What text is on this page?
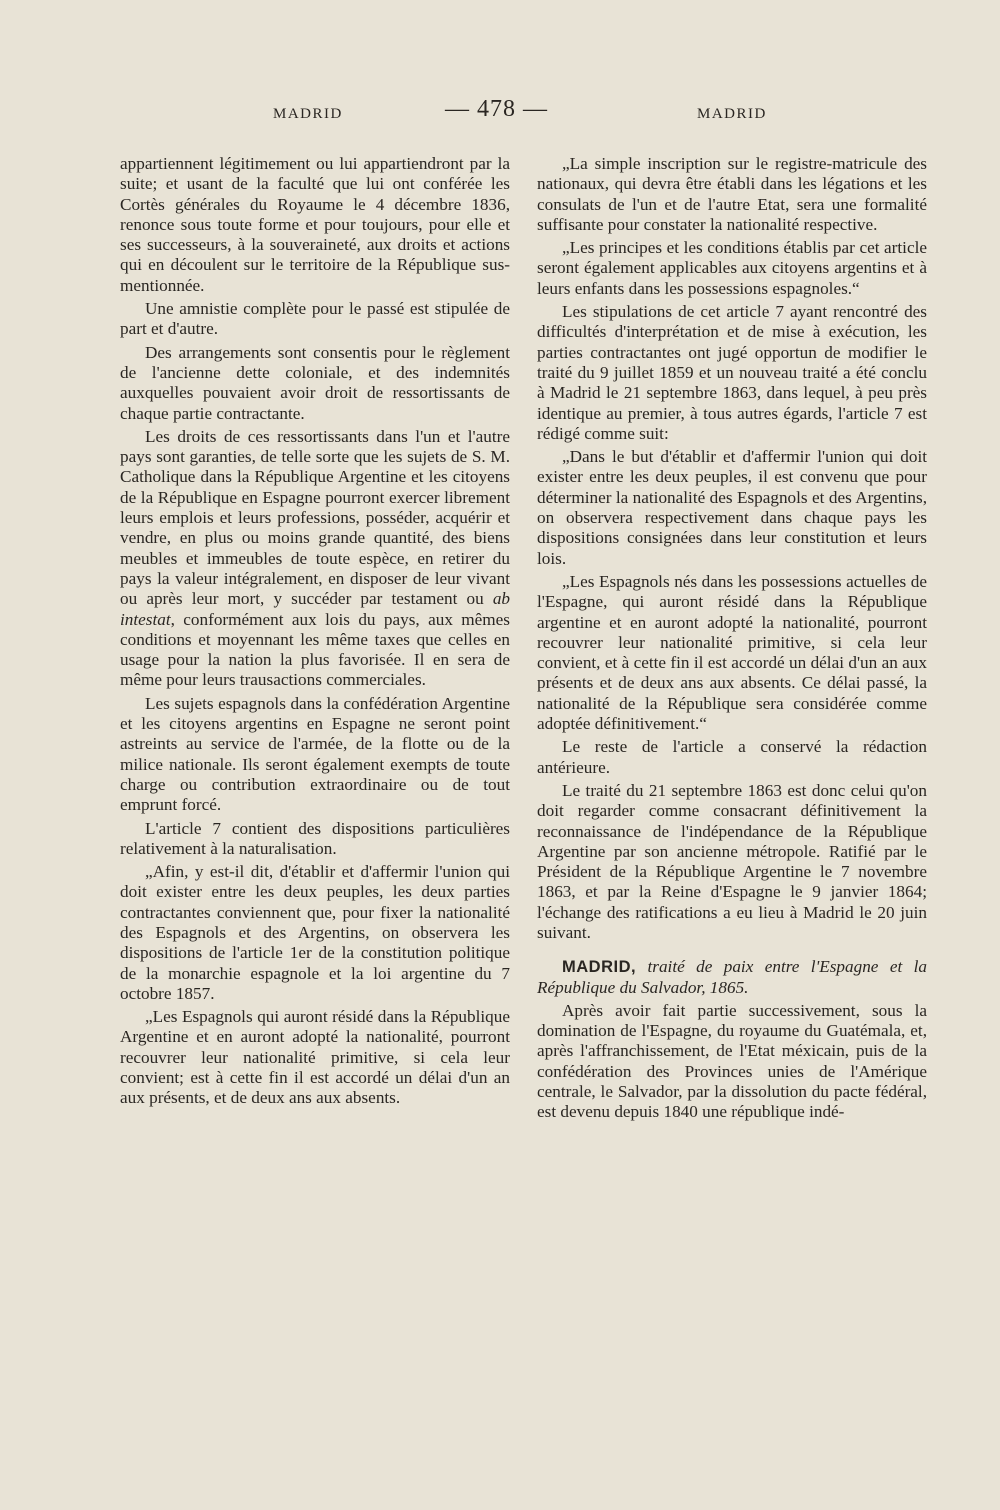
MADRID	— 478 —	MADRID

appartiennent légitimement ou lui appartiendront par la suite; et usant de la faculté que lui ont conférée les Cortès générales du Royaume le 4 décembre 1836, renonce sous toute forme et pour toujours, pour elle et ses successeurs, à la souveraineté, aux droits et actions qui en découlent sur le territoire de la République sus-mentionnée.

Une amnistie complète pour le passé est stipulée de part et d'autre.

Des arrangements sont consentis pour le règlement de l'ancienne dette coloniale, et des indemnités auxquelles pouvaient avoir droit de ressortissants de chaque partie contractante.

Les droits de ces ressortissants dans l'un et l'autre pays sont garanties, de telle sorte que les sujets de S. M. Catholique dans la République Argentine et les citoyens de la République en Espagne pourront exercer librement leurs emplois et leurs professions, posséder, acquérir et vendre, en plus ou moins grande quantité, des biens meubles et immeubles de toute espèce, en retirer du pays la valeur intégralement, en disposer de leur vivant ou après leur mort, y succéder par testament ou ab intestat, conformément aux lois du pays, aux mêmes conditions et moyennant les même taxes que celles en usage pour la nation la plus favorisée. Il en sera de même pour leurs trausactions commerciales.

Les sujets espagnols dans la confédération Argentine et les citoyens argentins en Espagne ne seront point astreints au service de l'armée, de la flotte ou de la milice nationale. Ils seront également exempts de toute charge ou contribution extraordinaire ou de tout emprunt forcé.

L'article 7 contient des dispositions particulières relativement à la naturalisation.

„Afin, y est-il dit, d'établir et d'affermir l'union qui doit exister entre les deux peuples, les deux parties contractantes conviennent que, pour fixer la nationalité des Espagnols et des Argentins, on observera les dispositions de l'article 1er de la constitution politique de la monarchie espagnole et la loi argentine du 7 octobre 1857.

„Les Espagnols qui auront résidé dans la République Argentine et en auront adopté la nationalité, pourront recouvrer leur nationalité primitive, si cela leur convient; est à cette fin il est accordé un délai d'un an aux présents, et de deux ans aux absents.

„La simple inscription sur le registre-matricule des nationaux, qui devra être établi dans les légations et les consulats de l'un et de l'autre Etat, sera une formalité suffisante pour constater la nationalité respective.

„Les principes et les conditions établis par cet article seront également applicables aux citoyens argentins et à leurs enfants dans les possessions espagnoles.“

Les stipulations de cet article 7 ayant rencontré des difficultés d'interprétation et de mise à exécution, les parties contractantes ont jugé opportun de modifier le traité du 9 juillet 1859 et un nouveau traité a été conclu à Madrid le 21 septembre 1863, dans lequel, à peu près identique au premier, à tous autres égards, l'article 7 est rédigé comme suit:

„Dans le but d'établir et d'affermir l'union qui doit exister entre les deux peuples, il est convenu que pour déterminer la nationalité des Espagnols et des Argentins, on observera respectivement dans chaque pays les dispositions consignées dans leur constitution et leurs lois.

„Les Espagnols nés dans les possessions actuelles de l'Espagne, qui auront résidé dans la République argentine et en auront adopté la nationalité, pourront recouvrer leur nationalité primitive, si cela leur convient, et à cette fin il est accordé un délai d'un an aux présents et de deux ans aux absents. Ce délai passé, la nationalité de la République sera considérée comme adoptée définitivement.“

Le reste de l'article a conservé la rédaction antérieure.

Le traité du 21 septembre 1863 est donc celui qu'on doit regarder comme consacrant définitivement la reconnaissance de l'indépendance de la République Argentine par son ancienne métropole. Ratifié par le Président de la République Argentine le 7 novembre 1863, et par la Reine d'Espagne le 9 janvier 1864; l'échange des ratifications a eu lieu à Madrid le 20 juin suivant.

MADRID, traité de paix entre l'Espagne et la République du Salvador, 1865.

Après avoir fait partie successivement, sous la domination de l'Espagne, du royaume du Guatémala, et, après l'affranchissement, de l'Etat méxicain, puis de la confédération des Provinces unies de l'Amérique centrale, le Salvador, par la dissolution du pacte fédéral, est devenu depuis 1840 une république indé-
